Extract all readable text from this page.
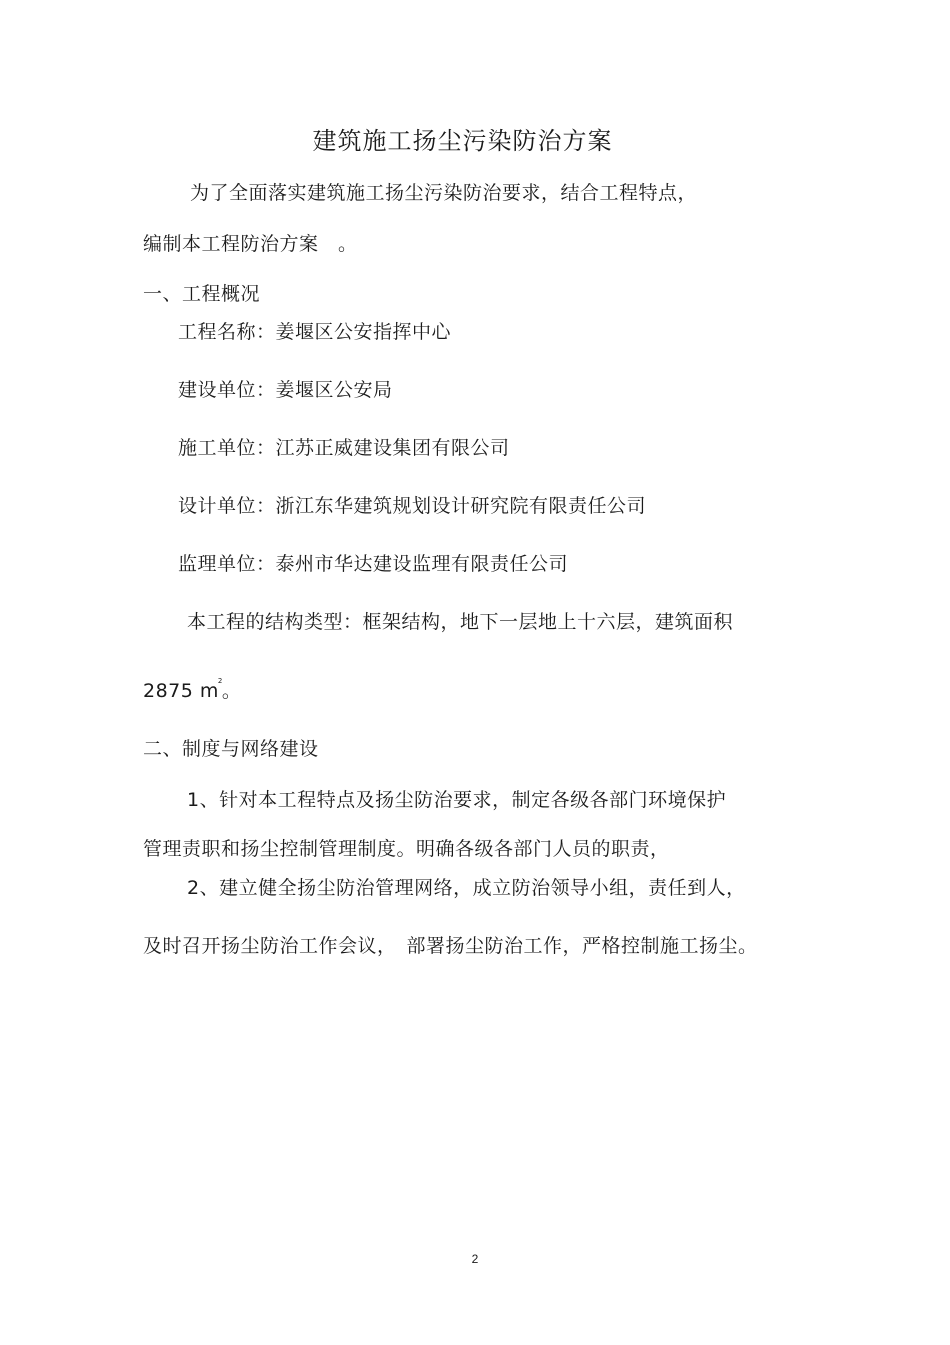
建筑施工扬尘污染防治方案
为了全面落实建筑施工扬尘污染防治要求，结合工程特点，
编制本工程防治方案　。
一、工程概况
工程名称：姜堰区公安指挥中心
建设单位：姜堰区公安局
施工单位：江苏正威建设集团有限公司
设计单位：浙江东华建筑规划设计研究院有限责任公司
监理单位：泰州市华达建设监理有限责任公司
本工程的结构类型：框架结构，地下一层地上十六层，建筑面积
2875 $m^2$。
二、制度与网络建设
1、针对本工程特点及扬尘防治要求，制定各级各部门环境保护
管理责职和扬尘控制管理制度。明确各级各部门人员的职责，
2、建立健全扬尘防治管理网络，成立防治领导小组，责任到人，
及时召开扬尘防治工作会议，　部署扬尘防治工作，严格控制施工扬尘。
2
